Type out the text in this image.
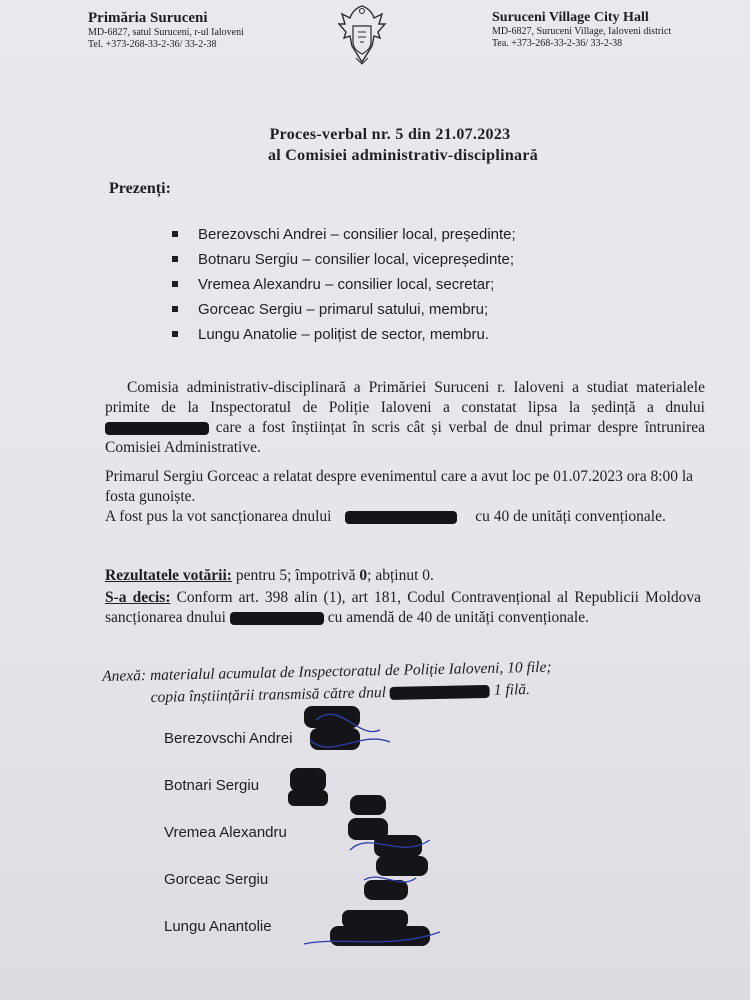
Primăria Suruceni
MD-6827, satul Suruceni, r-ul Ialoveni
Tel. +373-268-33-2-36/ 33-2-38
Suruceni Village City Hall
MD-6827, Suruceni Village, Ialoveni district
Tea. +373-268-33-2-36/ 33-2-38
Proces-verbal nr. 5 din 21.07.2023
al Comisiei administrativ-disciplinară
Prezenți:
Berezovschi Andrei – consilier local, președinte;
Botnaru Sergiu – consilier local, vicepreședinte;
Vremea Alexandru – consilier local, secretar;
Gorceac Sergiu – primarul satului, membru;
Lungu Anatolie – polițist de sector, membru.
Comisia administrativ-disciplinară a Primăriei Suruceni r. Ialoveni a studiat materialele primite de la Inspectoratul de Poliție Ialoveni a constatat lipsa la ședință a dnului  care a fost înștiințat în scris cât și verbal de dnul primar despre întrunirea Comisiei Administrative.
Primarul Sergiu Gorceac a relatat despre evenimentul care a avut loc pe 01.07.2023 ora 8:00 la fosta gunoiște.
A fost pus la vot sancționarea dnului	cu 40 de unități convenționale.
Rezultatele votării: pentru 5; împotrivă 0; abținut 0.
S-a decis: Conform art. 398 alin (1), art 181, Codul Contravențional al Republicii Moldova sancționarea dnului	cu amendă de 40 de unități convenționale.
Anexă: materialul acumulat de Inspectoratul de Poliție Ialoveni, 10 file;
copia înștiințării transmisă către dnul	1 filă.
Berezovschi Andrei
Botnari Sergiu
Vremea Alexandru
Gorceac Sergiu
Lungu Anantolie
